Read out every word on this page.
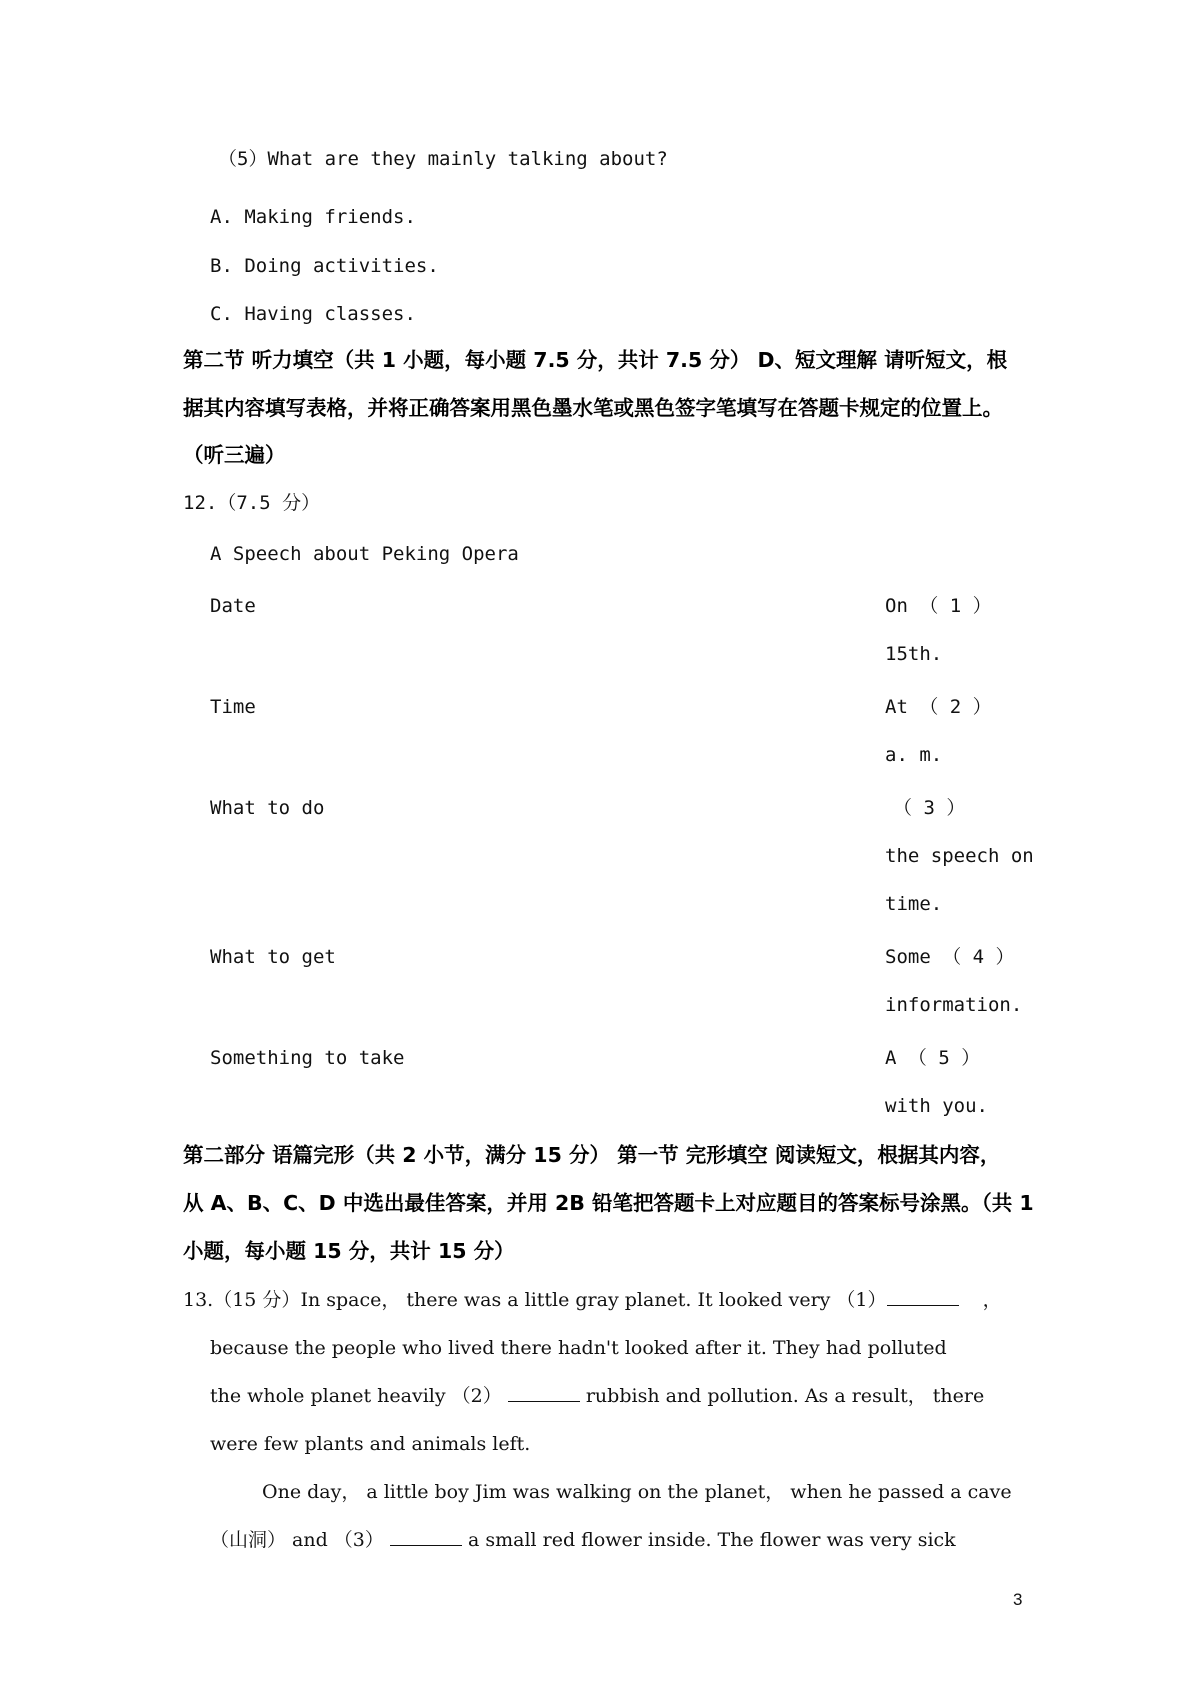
（5）What are they mainly talking about?
A. Making friends.
B. Doing activities.
C. Having classes.
第二节 听力填空（共 1 小题，每小题 7.5 分，共计 7.5 分） D、短文理解 请听短文，根
据其内容填写表格，并将正确答案用黑色墨水笔或黑色签字笔填写在答题卡规定的位置上。
（听三遍）
12.（7.5 分）
A Speech about Peking Opera
Date	On （ 1 ）
15th.
Time	At （ 2 ）
a. m.
What to do	（ 3 ）
the speech on
time.
What to get	Some （ 4 ）
information.
Something to take	A （ 5 ）
with you.
第二部分 语篇完形（共 2 小节，满分 15 分） 第一节 完形填空 阅读短文，根据其内容，
从 A、B、C、D 中选出最佳答案，并用 2B 铅笔把答题卡上对应题目的答案标号涂黑。（共 1
小题，每小题 15 分，共计 15 分）
13.（15 分）In space， there was a little gray planet. It looked very （1）	，
because the people who lived there hadn't looked after it. They had polluted
the whole planet heavily （2）	rubbish and pollution. As a result， there
were few plants and animals left.
One day， a little boy Jim was walking on the planet， when he passed a cave
（山洞） and （3）	a small red flower inside. The flower was very sick
3
